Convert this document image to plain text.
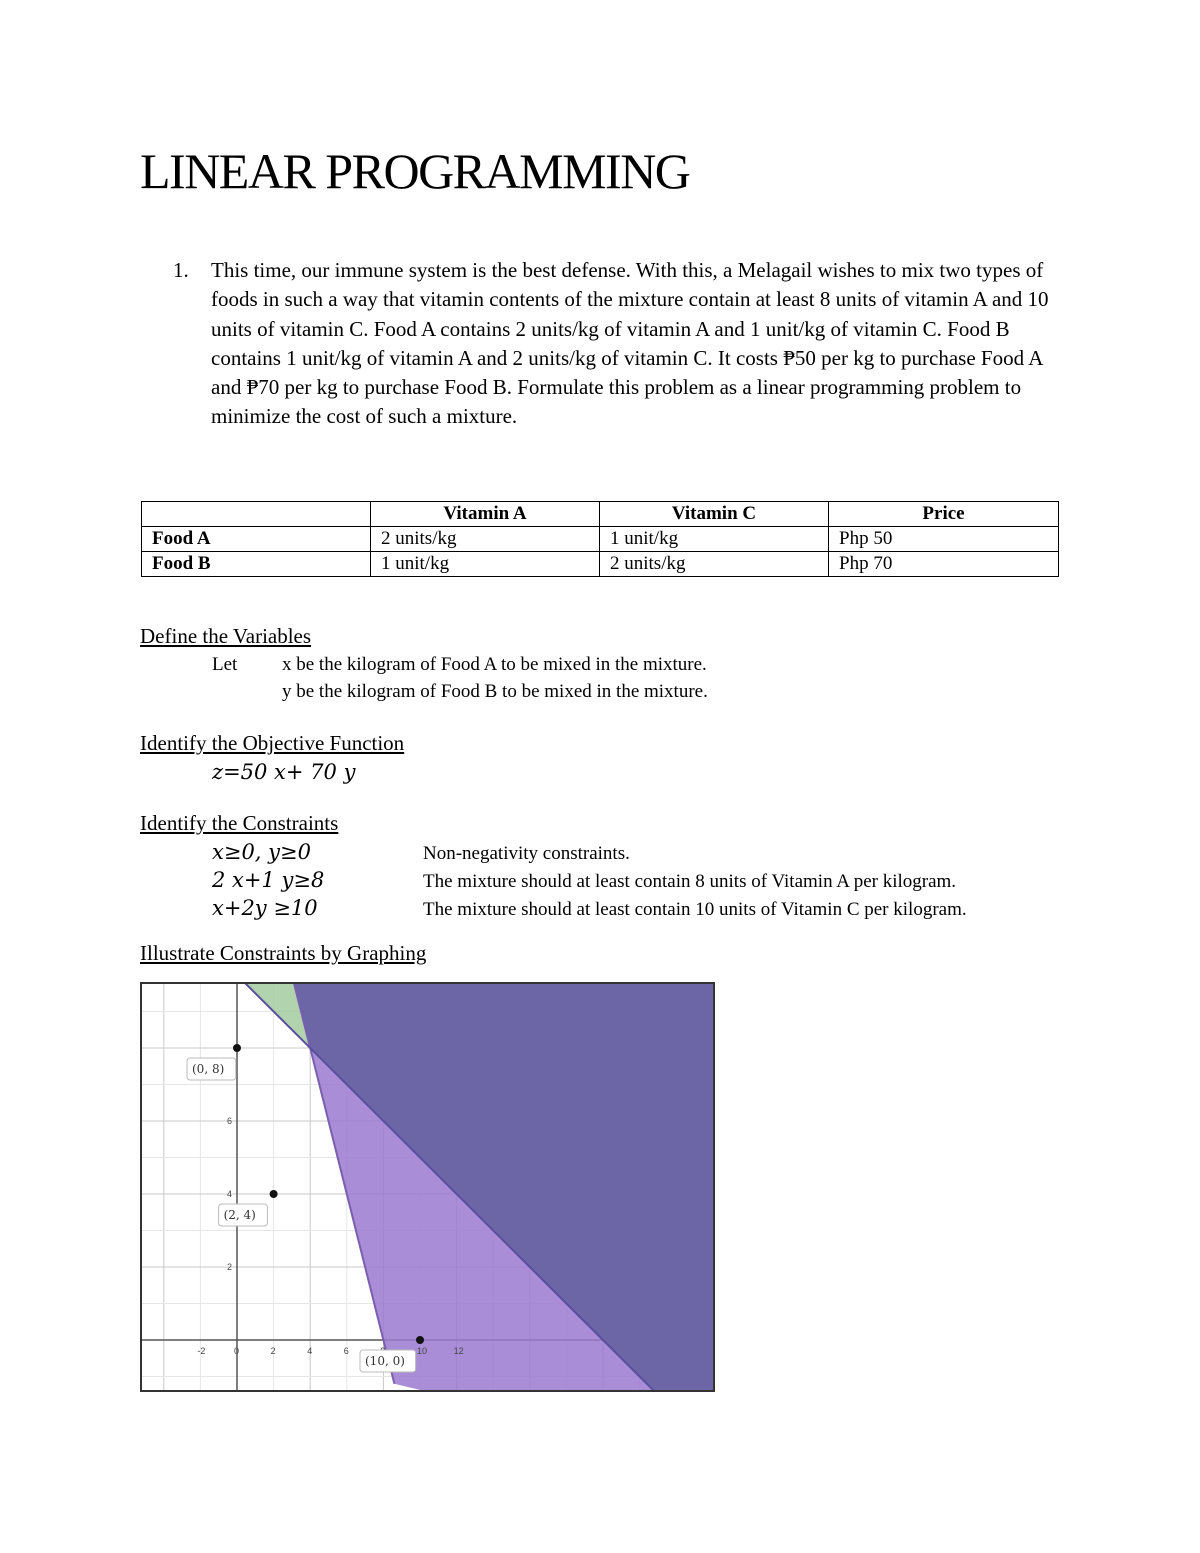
LINEAR PROGRAMMING
1. This time, our immune system is the best defense. With this, a Melagail wishes to mix two types of foods in such a way that vitamin contents of the mixture contain at least 8 units of vitamin A and 10 units of vitamin C. Food A contains 2 units/kg of vitamin A and 1 unit/kg of vitamin C. Food B contains 1 unit/kg of vitamin A and 2 units/kg of vitamin C. It costs ₱50 per kg to purchase Food A and ₱70 per kg to purchase Food B. Formulate this problem as a linear programming problem to minimize the cost of such a mixture.
	Vitamin A	Vitamin C	Price
Food A	2 units/kg	1 unit/kg	Php 50
Food B	1 unit/kg	2 units/kg	Php 70
Define the Variables
Let x be the kilogram of Food A to be mixed in the mixture.
y be the kilogram of Food B to be mixed in the mixture.
Identify the Objective Function
z=50 x+ 70 y
Identify the Constraints
x≥0, y≥0	Non-negativity constraints.
2 x+1 y≥8	The mixture should at least contain 8 units of Vitamin A per kilogram.
x+2y ≥10	The mixture should at least contain 10 units of Vitamin C per kilogram.
Illustrate Constraints by Graphing
-2	0	2	4	6	10	12
2
4
6
(0, 8)
(2, 4)
(10, 0)
